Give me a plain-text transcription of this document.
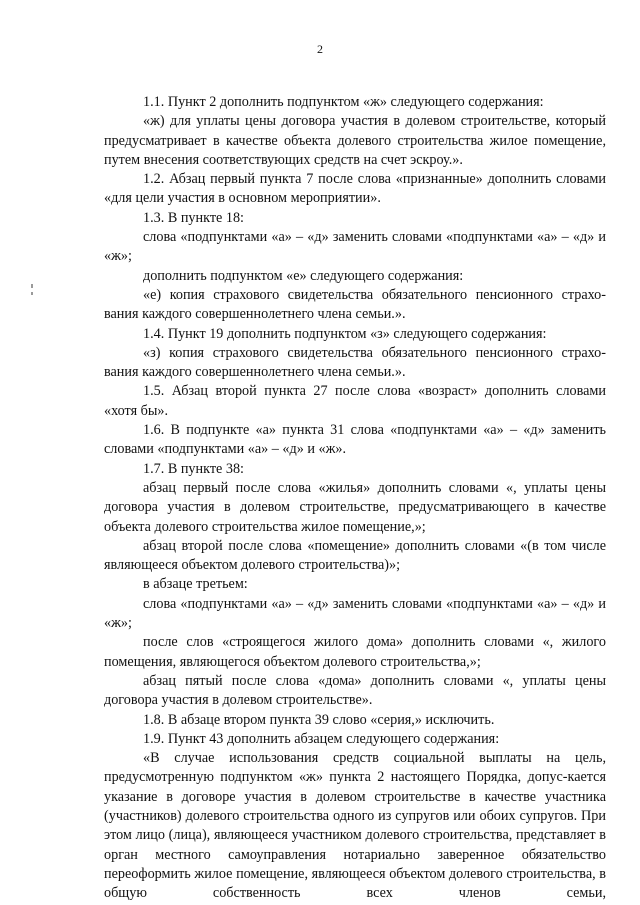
2

1.1. Пункт 2 дополнить подпунктом «ж» следующего содержания:

«ж) для уплаты цены договора участия в долевом строительстве, который предусматривает в качестве объекта долевого строительства жилое помещение, путем внесения соответствующих средств на счет эскроу.».

1.2. Абзац первый пункта 7 после слова «признанные» дополнить словами «для цели участия в основном мероприятии».

1.3. В пункте 18:

слова «подпунктами «а» – «д» заменить словами «подпунктами «а» – «д» и «ж»;

дополнить подпунктом «е» следующего содержания:

«е) копия страхового свидетельства обязательного пенсионного страхо-вания каждого совершеннолетнего члена семьи.».

1.4. Пункт 19 дополнить подпунктом «з» следующего содержания:

«з) копия страхового свидетельства обязательного пенсионного страхо-вания каждого совершеннолетнего члена семьи.».

1.5. Абзац второй пункта 27 после слова «возраст» дополнить словами «хотя бы».

1.6. В подпункте «а» пункта 31 слова «подпунктами «а» – «д» заменить словами «подпунктами «а» – «д» и «ж».

1.7. В пункте 38:

абзац первый после слова «жилья» дополнить словами «, уплаты цены договора участия в долевом строительстве, предусматривающего в качестве объекта долевого строительства жилое помещение,»;

абзац второй после слова «помещение» дополнить словами «(в том числе являющееся объектом долевого строительства)»;

в абзаце третьем:

слова «подпунктами «а» – «д» заменить словами «подпунктами «а» – «д» и «ж»;

после слов «строящегося жилого дома» дополнить словами «, жилого помещения, являющегося объектом долевого строительства,»;

абзац пятый после слова «дома» дополнить словами «, уплаты цены договора участия в долевом строительстве».

1.8. В абзаце втором пункта 39 слово «серия,» исключить.

1.9. Пункт 43 дополнить абзацем следующего содержания:

«В случае использования средств социальной выплаты на цель, предусмотренную подпунктом «ж» пункта 2 настоящего Порядка, допус-кается указание в договоре участия в долевом строительстве в качестве участника (участников) долевого строительства одного из супругов или обоих супругов. При этом лицо (лица), являющееся участником долевого строительства, представляет в орган местного самоуправления нотариально заверенное обязательство переоформить жилое помещение, являющееся объектом долевого строительства, в общую собственность всех членов семьи,
